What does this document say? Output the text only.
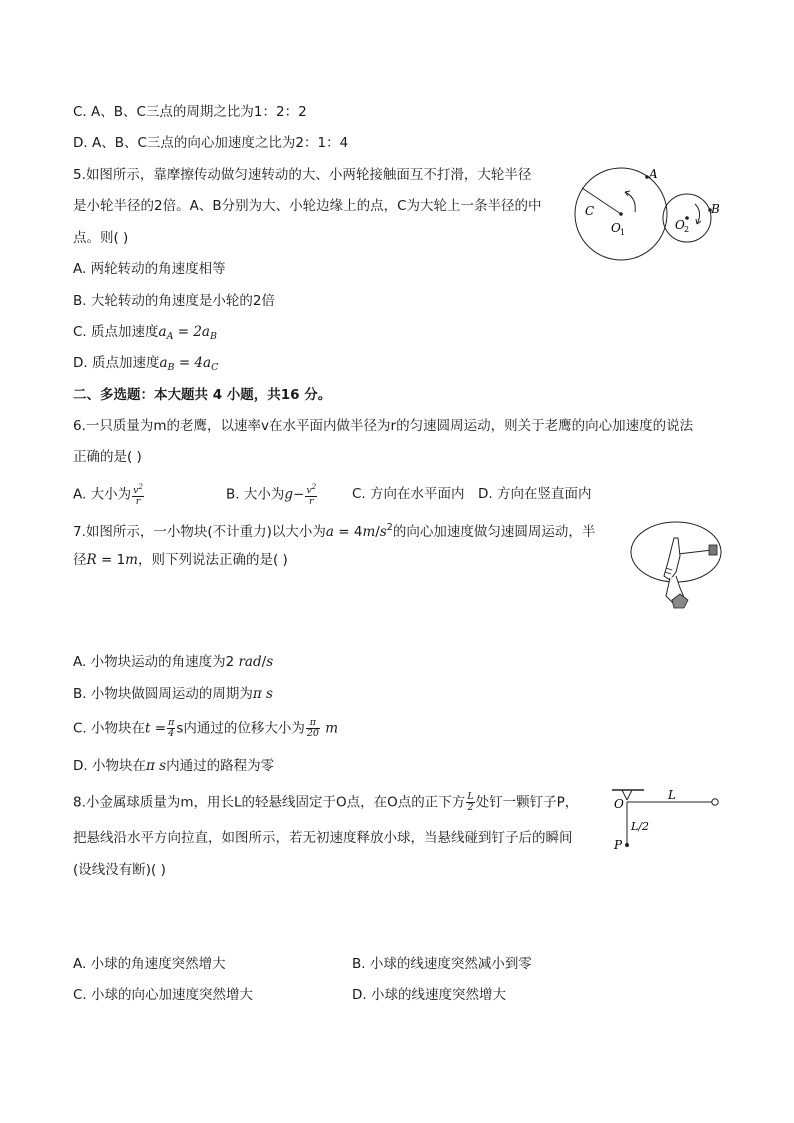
C. A、B、C三点的周期之比为1：2：2
D. A、B、C三点的向心加速度之比为2：1：4
5.如图所示，靠摩擦传动做匀速转动的大、小两轮接触面互不打滑，大轮半径
是小轮半径的2倍。A、B分别为大、小轮边缘上的点，C为大轮上一条半径的中
点。则( )
A. 两轮转动的角速度相等
B. 大轮转动的角速度是小轮的2倍
C. 质点加速度$a_A = 2a_B$
D. 质点加速度$a_B = 4a_C$
A
B
C
O 1
O 2
二、多选题：本大题共 4 小题，共16 分。
6.一只质量为m的老鹰，以速率v在水平面内做半径为r的匀速圆周运动，则关于老鹰的向心加速度的说法
正确的是( )
A. 大小为 $\frac{v^2}{r}$	B. 大小为$g- \frac{v^2}{r}$	C. 方向在水平面内 D. 方向在竖直面内
7.如图所示，一小物块(不计重力)以大小为$a = 4m/s^2$的向心加速度做匀速圆周运动，半
径R = 1m，则下列说法正确的是( )
A. 小物块运动的角速度为2 rad/s
B. 小物块做圆周运动的周期为π s
C. 小物块在$t = \frac{\pi}{4}$ s内通过的位移大小为 $\frac{\pi}{20}$ m
D. 小物块在π s内通过的路程为零
8.小金属球质量为m，用长L的轻悬线固定于O点，在O点的正下方 $\frac{L}{2}$ 处钉一颗钉子P，
把悬线沿水平方向拉直，如图所示，若无初速度释放小球，当悬线碰到钉子后的瞬间
(设线没有断)( )
O
L
L/2
P
A. 小球的角速度突然增大	B. 小球的线速度突然减小到零
C. 小球的向心加速度突然增大	D. 小球的线速度突然增大
